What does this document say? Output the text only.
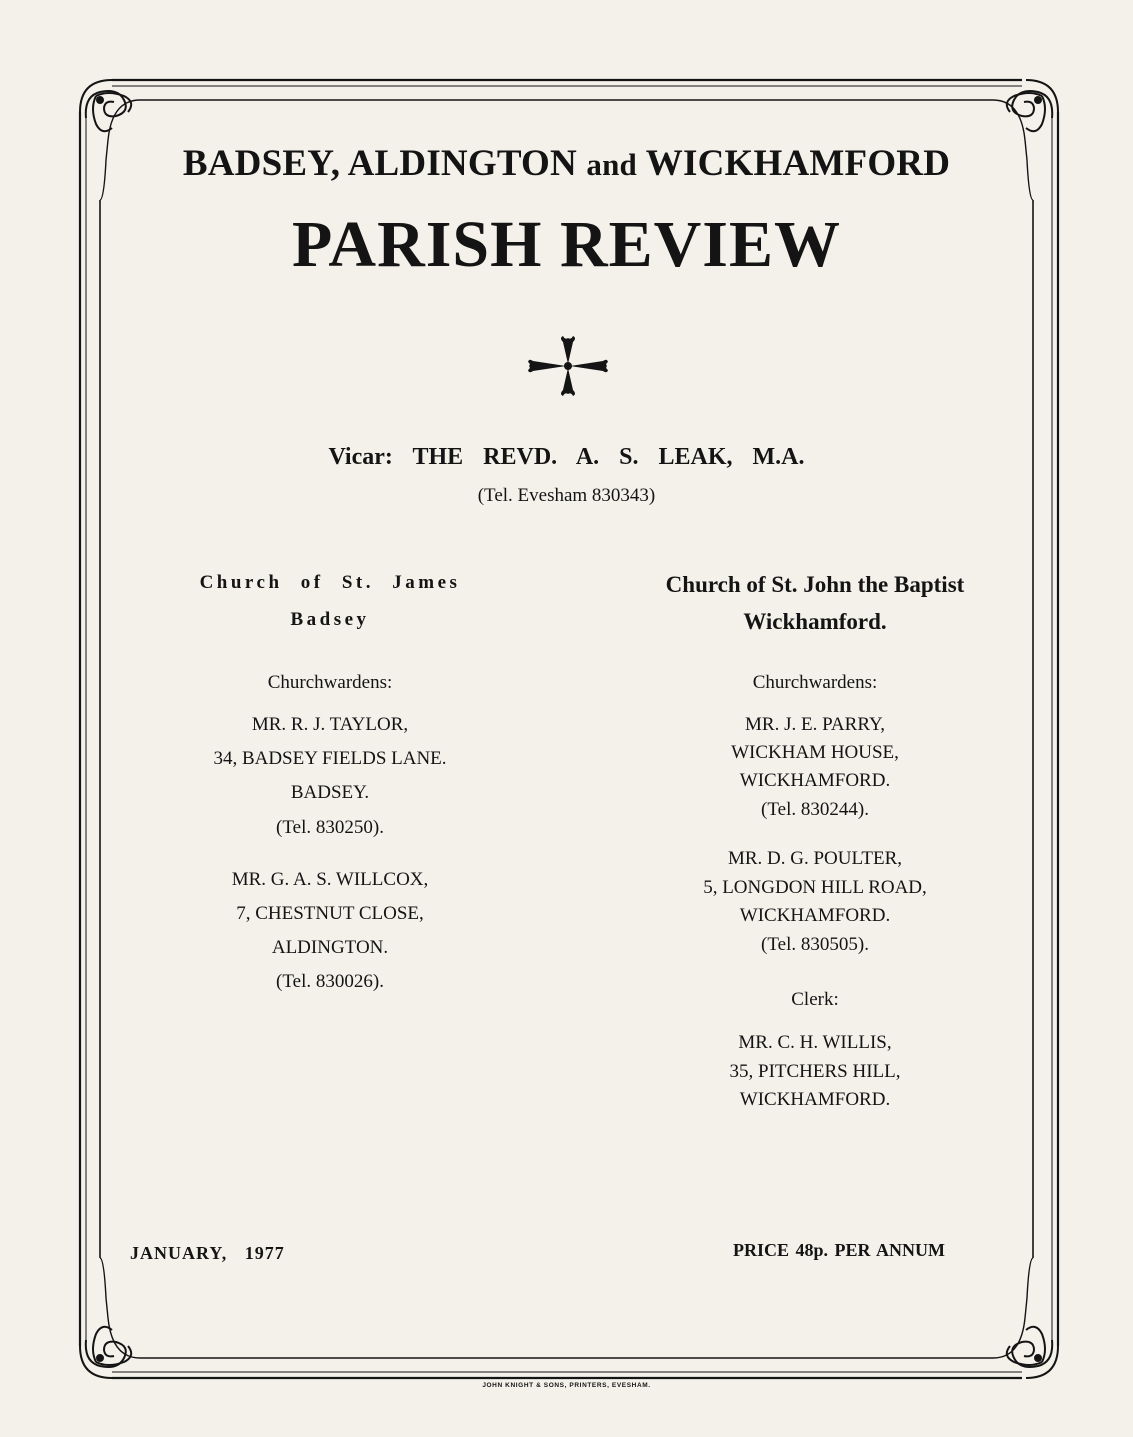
BADSEY, ALDINGTON and WICKHAMFORD
PARISH REVIEW
Vicar: THE REVD. A. S. LEAK, M.A.
(Tel. Evesham 830343)
Church of St. James
Badsey
Churchwardens:
MR. R. J. TAYLOR,
34, BADSEY FIELDS LANE.
BADSEY.
(Tel. 830250).
MR. G. A. S. WILLCOX,
7, CHESTNUT CLOSE,
ALDINGTON.
(Tel. 830026).
Church of St. John the Baptist
Wickhamford.
Churchwardens:
MR. J. E. PARRY,
WICKHAM HOUSE,
WICKHAMFORD.
(Tel. 830244).
MR. D. G. POULTER,
5, LONGDON HILL ROAD,
WICKHAMFORD.
(Tel. 830505).
Clerk:
MR. C. H. WILLIS,
35, PITCHERS HILL,
WICKHAMFORD.
JANUARY, 1977	PRICE 48p. PER ANNUM
JOHN KNIGHT & SONS, PRINTERS, EVESHAM.
